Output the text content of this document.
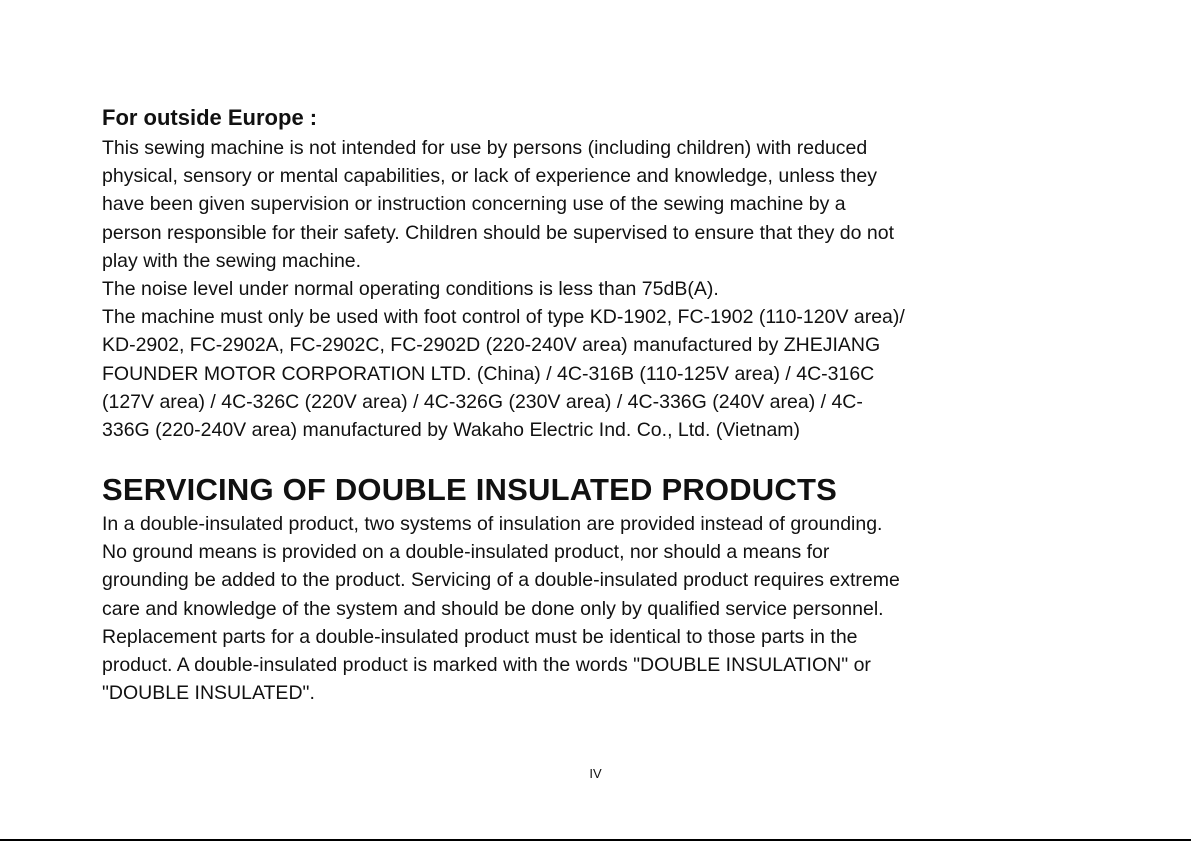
For outside Europe :
This sewing machine is not intended for use by persons (including children) with reduced
physical, sensory or mental capabilities, or lack of experience and knowledge, unless they
have been given supervision or instruction concerning use of the sewing machine by a
person responsible for their safety. Children should be supervised to ensure that they do not
play with the sewing machine.
The noise level under normal operating conditions is less than 75dB(A).
The machine must only be used with foot control of type KD-1902, FC-1902 (110-120V area)/
KD-2902, FC-2902A, FC-2902C, FC-2902D (220-240V area) manufactured by ZHEJIANG
FOUNDER MOTOR CORPORATION LTD. (China) / 4C-316B (110-125V area) / 4C-316C
(127V area) / 4C-326C (220V area) / 4C-326G (230V area) / 4C-336G (240V area) / 4C-
336G (220-240V area) manufactured by Wakaho Electric Ind. Co., Ltd. (Vietnam)
SERVICING OF DOUBLE INSULATED PRODUCTS
In a double-insulated product, two systems of insulation are provided instead of grounding.
No ground means is provided on a double-insulated product, nor should a means for
grounding be added to the product. Servicing of a double-insulated product requires extreme
care and knowledge of the system and should be done only by qualified service personnel.
Replacement parts for a double-insulated product must be identical to those parts in the
product. A double-insulated product is marked with the words "DOUBLE INSULATION" or
"DOUBLE INSULATED".
IV
